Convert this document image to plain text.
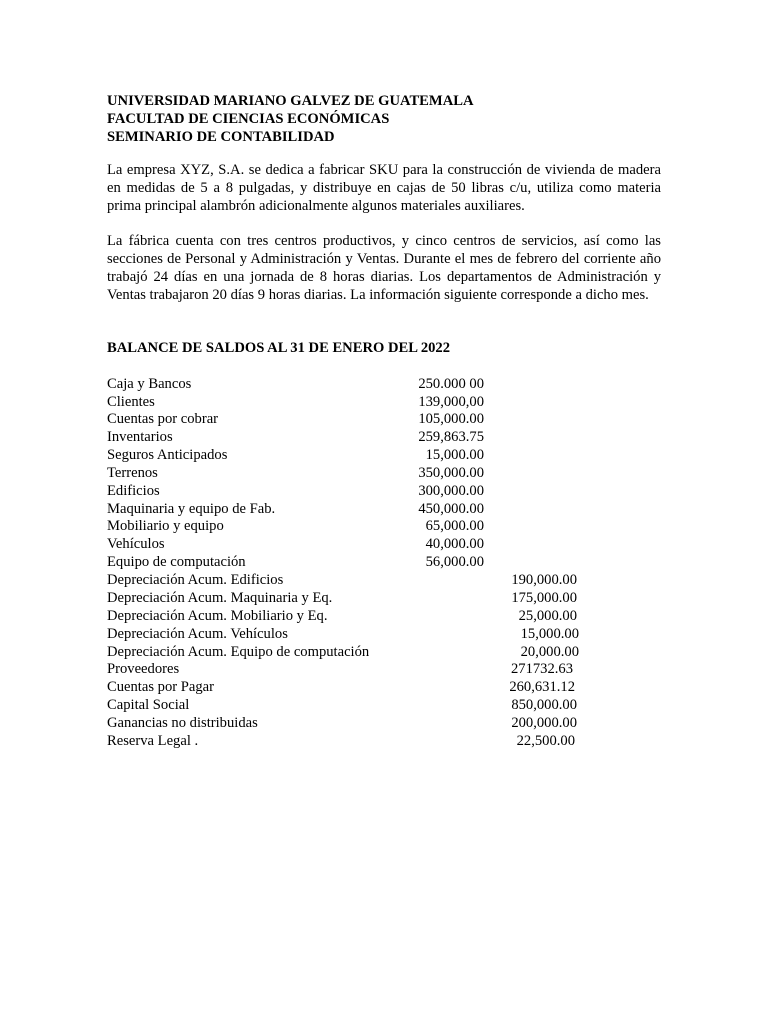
UNIVERSIDAD MARIANO GALVEZ DE GUATEMALA
FACULTAD DE CIENCIAS ECONÓMICAS
SEMINARIO DE CONTABILIDAD
La empresa XYZ, S.A. se dedica a fabricar SKU para la construcción de vivienda de madera en medidas de 5 a 8 pulgadas, y distribuye en cajas de 50 libras c/u, utiliza como materia prima principal alambrón adicionalmente algunos materiales auxiliares.
La fábrica cuenta con tres centros productivos, y cinco centros de servicios, así como las secciones de Personal y Administración y Ventas. Durante el mes de febrero del corriente año trabajó 24 días en una jornada de 8 horas diarias. Los departamentos de Administración y Ventas trabajaron 20 días 9 horas diarias. La información siguiente corresponde a dicho mes.
BALANCE DE SALDOS AL 31 DE ENERO DEL 2022
Caja y Bancos	250.000 00
Clientes	139,000,00
Cuentas por cobrar	105,000.00
Inventarios	259,863.75
Seguros Anticipados	15,000.00
Terrenos	350,000.00
Edificios	300,000.00
Maquinaria y equipo de Fab.	450,000.00
Mobiliario y equipo	65,000.00
Vehículos	40,000.00
Equipo de computación	56,000.00
Depreciación Acum. Edificios	190,000.00
Depreciación Acum. Maquinaria y Eq.	175,000.00
Depreciación Acum. Mobiliario y Eq.	25,000.00
Depreciación Acum. Vehículos	15,000.00
Depreciación Acum. Equipo de computación	20,000.00
Proveedores	271732.63
Cuentas por Pagar	260,631.12
Capital Social	850,000.00
Ganancias no distribuidas	200,000.00
Reserva Legal .	22,500.00
